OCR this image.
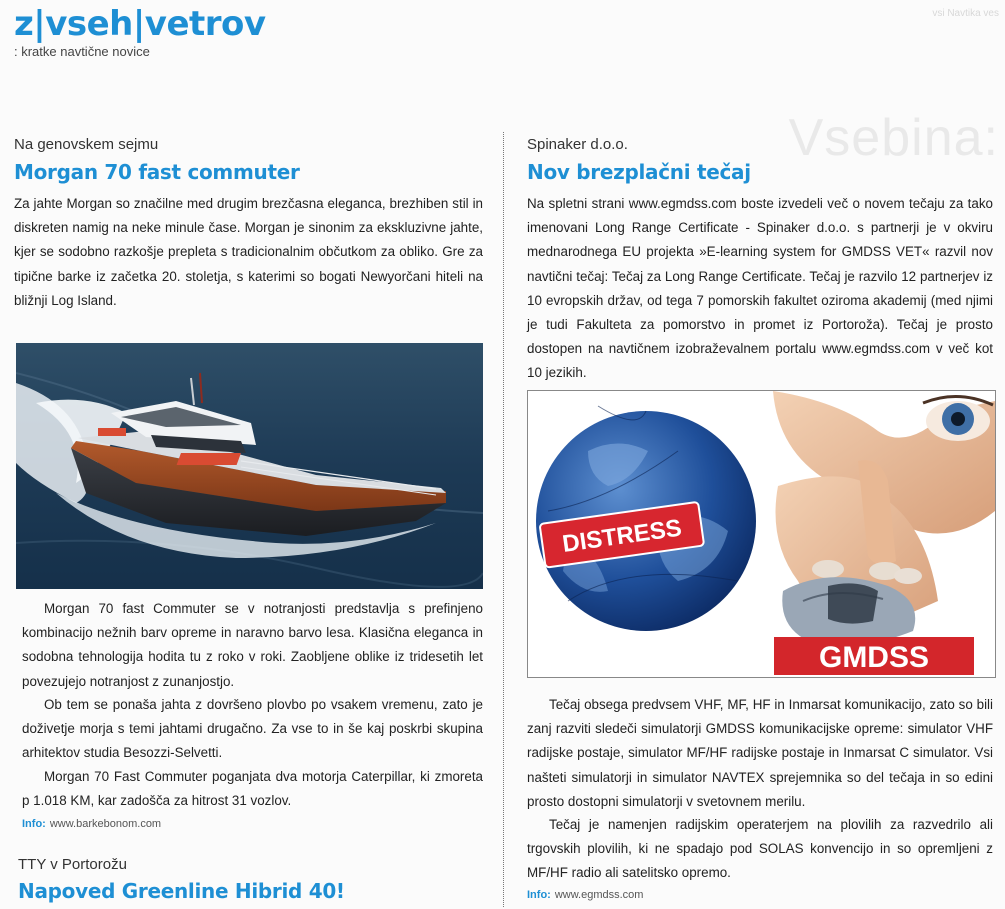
vsi Navtika ves
Vsebina:
z|vseh|vetrov
: kratke navtične novice
Na genovskem sejmu
Morgan 70 fast commuter

Za jahte Morgan so značilne med drugim brezčasna eleganca, brezhiben stil in diskreten namig na neke minule čase. Morgan je sinonim za ekskluzivne jahte, kjer se sodobno razkošje prepleta s tradicionalnim občutkom za obliko. Gre za tipične barke iz začetka 20. stoletja, s katerimi so bogati Newyorčani hiteli na bližnji Log Island.

Morgan 70 fast Commuter se v notranjosti predstavlja s prefinjeno kombinacijo nežnih barv opreme in naravno barvo lesa. Klasična eleganca in sodobna tehnologija hodita tu z roko v roki. Zaobljene oblike iz tridesetih let povezujejo notranjost z zunanjostjo.

Ob tem se ponaša jahta z dovršeno plovbo po vsakem vremenu, zato je doživetje morja s temi jahtami drugačno. Za vse to in še kaj poskrbi skupina arhitektov studia Besozzi-Selvetti.

Morgan 70 Fast Commuter poganjata dva motorja Caterpillar, ki zmoreta p 1.018 KM, kar zadošča za hitrost 31 vozlov.

Info: www.barkebonom.com
TTY v Portorožu
Napoved Greenline Hibrid 40!
Spinaker d.o.o.
Nov brezplačni tečaj

Na spletni strani www.egmdss.com boste izvedeli več o novem tečaju za tako imenovani Long Range Certificate - Spinaker d.o.o. s partnerji je v okviru mednarodnega EU projekta »E-learning system for GMDSS VET« razvil nov navtični tečaj: Tečaj za Long Range Certificate. Tečaj je razvilo 12 partnerjev iz 10 evropskih držav, od tega 7 pomorskih fakultet oziroma akademij (med njimi je tudi Fakulteta za pomorstvo in promet iz Portoroža). Tečaj je prosto dostopen na navtičnem izobraževalnem portalu www.egmdss.com v več kot 10 jezikih.

GMDSS
DISTRESS

Tečaj obsega predvsem VHF, MF, HF in Inmarsat komunikacijo, zato so bili zanj razviti sledeči simulatorji GMDSS komunikacijske opreme: simulator VHF radijske postaje, simulator MF/HF radijske postaje in Inmarsat C simulator. Vsi našteti simulatorji in simulator NAVTEX sprejemnika so del tečaja in so edini prosto dostopni simulatorji v svetovnem merilu.

Tečaj je namenjen radijskim operaterjem na plovilih za razvedrilo ali trgovskih plovilih, ki ne spadajo pod SOLAS konvencijo in so opremljeni z MF/HF radio ali satelitsko opremo.

Info: www.egmdss.com
